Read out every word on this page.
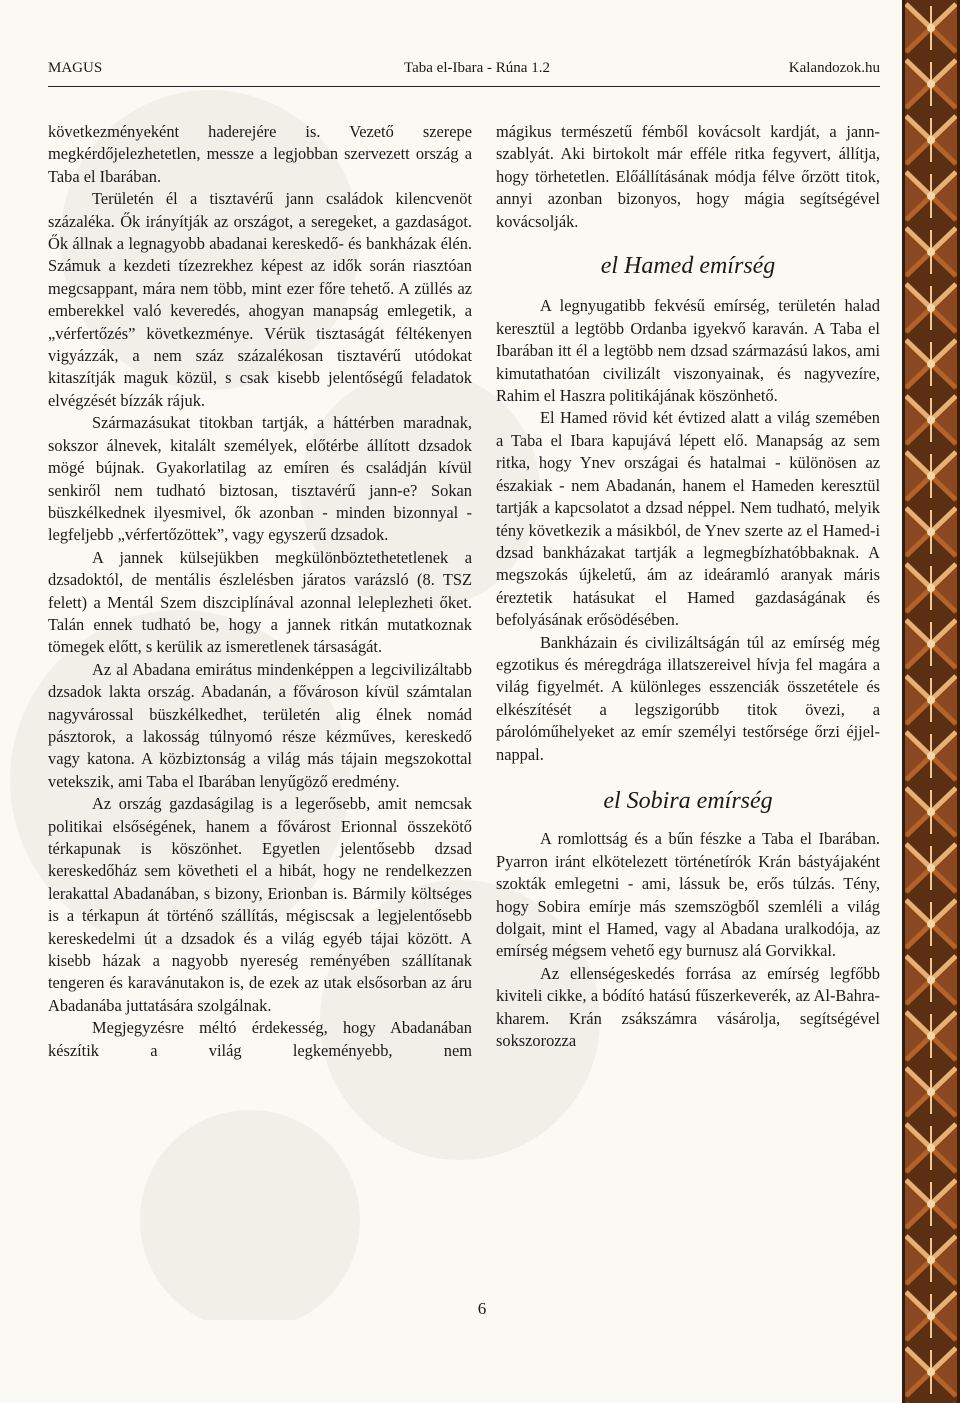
MAGUS	Taba el-Ibara - Rúna 1.2	Kalandozok.hu

következményeként haderejére is. Vezető szerepe megkérdőjelezhetetlen, messze a legjobban szervezett ország a Taba el Ibarában.

Területén él a tisztavérű jann családok kilencvenöt százaléka. Ők irányítják az országot, a seregeket, a gazdaságot. Ők állnak a legnagyobb abadanai kereskedő- és bankházak élén. Számuk a kezdeti tízezrekhez képest az idők során riasztóan megcsappant, mára nem több, mint ezer főre tehető. A züllés az emberekkel való keveredés, ahogyan manapság emlegetik, a „vérfertőzés” következménye. Vérük tisztaságát féltékenyen vigyázzák, a nem száz százalékosan tisztavérű utódokat kitaszítják maguk közül, s csak kisebb jelentőségű feladatok elvégzését bízzák rájuk.

Származásukat titokban tartják, a háttérben maradnak, sokszor álnevek, kitalált személyek, előtérbe állított dzsadok mögé bújnak. Gyakorlatilag az emíren és családján kívül senkiről nem tudható biztosan, tisztavérű jann-e? Sokan büszkélkednek ilyesmivel, ők azonban - minden bizonnyal - legfeljebb „vérfertőzöttek”, vagy egyszerű dzsadok.

A jannek külsejükben megkülönböztethetetlenek a dzsadoktól, de mentális észlelésben járatos varázsló (8. TSZ felett) a Mentál Szem diszciplínával azonnal leleplezheti őket. Talán ennek tudható be, hogy a jannek ritkán mutatkoznak tömegek előtt, s kerülik az ismeretlenek társaságát.

Az al Abadana emirátus mindenképpen a legcivilizáltabb dzsadok lakta ország. Abadanán, a fővároson kívül számtalan nagyvárossal büszkélkedhet, területén alig élnek nomád pásztorok, a lakosság túlnyomó része kézműves, kereskedő vagy katona. A közbiztonság a világ más tájain megszokottal vetekszik, ami Taba el Ibarában lenyűgöző eredmény.

Az ország gazdaságilag is a legerősebb, amit nemcsak politikai elsőségének, hanem a fővárost Erionnal összekötő térkapunak is köszönhet. Egyetlen jelentősebb dzsad kereskedőház sem követheti el a hibát, hogy ne rendelkezzen lerakattal Abadanában, s bizony, Erionban is. Bármily költséges is a térkapun át történő szállítás, mégiscsak a legjelentősebb kereskedelmi út a dzsadok és a világ egyéb tájai között. A kisebb házak a nagyobb nyereség reményében szállítanak tengeren és karavánutakon is, de ezek az utak elsősorban az áru Abadanába juttatására szolgálnak.

Megjegyzésre méltó érdekesség, hogy Abadanában készítik a világ legkeményebb, nem

mágikus természetű fémből kovácsolt kardját, a jann-szablyát. Aki birtokolt már efféle ritka fegyvert, állítja, hogy törhetetlen. Előállításának módja félve őrzött titok, annyi azonban bizonyos, hogy mágia segítségével kovácsolják.

el Hamed emírség

A legnyugatibb fekvésű emírség, területén halad keresztül a legtöbb Ordanba igyekvő karaván. A Taba el Ibarában itt él a legtöbb nem dzsad származású lakos, ami kimutathatóan civilizált viszonyainak, és nagyvezíre, Rahim el Haszra politikájának köszönhető.

El Hamed rövid két évtized alatt a világ szemében a Taba el Ibara kapujává lépett elő. Manapság az sem ritka, hogy Ynev országai és hatalmai - különösen az északiak - nem Abadanán, hanem el Hameden keresztül tartják a kapcsolatot a dzsad néppel. Nem tudható, melyik tény következik a másikból, de Ynev szerte az el Hamed-i dzsad bankházakat tartják a legmegbízhatóbbaknak. A megszokás újkeletű, ám az ideáramló aranyak máris éreztetik hatásukat el Hamed gazdaságának és befolyásának erősödésében.

Bankházain és civilizáltságán túl az emírség még egzotikus és méregdrága illatszereivel hívja fel magára a világ figyelmét. A különleges esszenciák összetétele és elkészítését a legszigorúbb titok övezi, a párolóműhelyeket az emír személyi testőrsége őrzi éjjel-nappal.

el Sobira emírség

A romlottság és a bűn fészke a Taba el Ibarában. Pyarron iránt elkötelezett történetírók Krán bástyájaként szokták emlegetni - ami, lássuk be, erős túlzás. Tény, hogy Sobira emírje más szemszögből szemléli a világ dolgait, mint el Hamed, vagy al Abadana uralkodója, az emírség mégsem vehető egy burnusz alá Gorvikkal.

Az ellenségeskedés forrása az emírség legfőbb kiviteli cikke, a bódító hatású fűszerkeverék, az Al-Bahra-kharem. Krán zsákszámra vásárolja, segítségével sokszorozza

6
